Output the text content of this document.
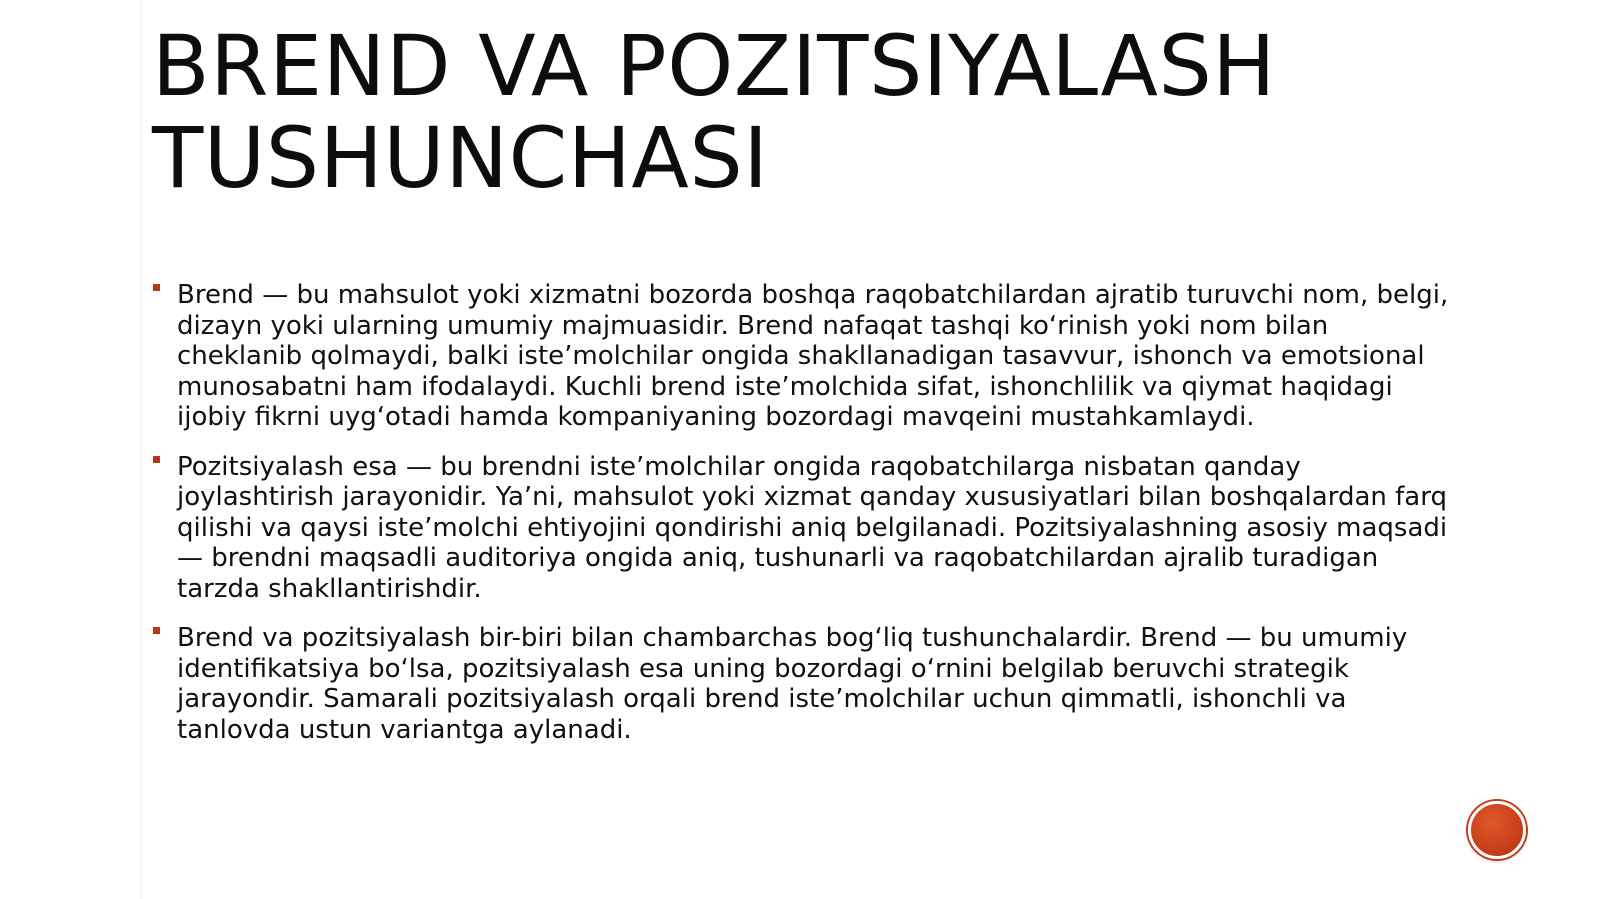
BREND VA POZITSIYALASH
TUSHUNCHASI

Brend — bu mahsulot yoki xizmatni bozorda boshqa raqobatchilardan ajratib turuvchi nom, belgi, dizayn yoki ularning umumiy majmuasidir. Brend nafaqat tashqi ko‘rinish yoki nom bilan cheklanib qolmaydi, balki iste’molchilar ongida shakllanadigan tasavvur, ishonch va emotsional munosabatni ham ifodalaydi. Kuchli brend iste’molchida sifat, ishonchlilik va qiymat haqidagi ijobiy fikrni uyg‘otadi hamda kompaniyaning bozordagi mavqeini mustahkamlaydi.

Pozitsiyalash esa — bu brendni iste’molchilar ongida raqobatchilarga nisbatan qanday joylashtirish jarayonidir. Ya’ni, mahsulot yoki xizmat qanday xususiyatlari bilan boshqalardan farq qilishi va qaysi iste’molchi ehtiyojini qondirishi aniq belgilanadi. Pozitsiyalashning asosiy maqsadi — brendni maqsadli auditoriya ongida aniq, tushunarli va raqobatchilardan ajralib turadigan tarzda shakllantirishdir.

Brend va pozitsiyalash bir-biri bilan chambarchas bog‘liq tushunchalardir. Brend — bu umumiy identifikatsiya bo‘lsa, pozitsiyalash esa uning bozordagi o‘rnini belgilab beruvchi strategik jarayondir. Samarali pozitsiyalash orqali brend iste’molchilar uchun qimmatli, ishonchli va tanlovda ustun variantga aylanadi.
